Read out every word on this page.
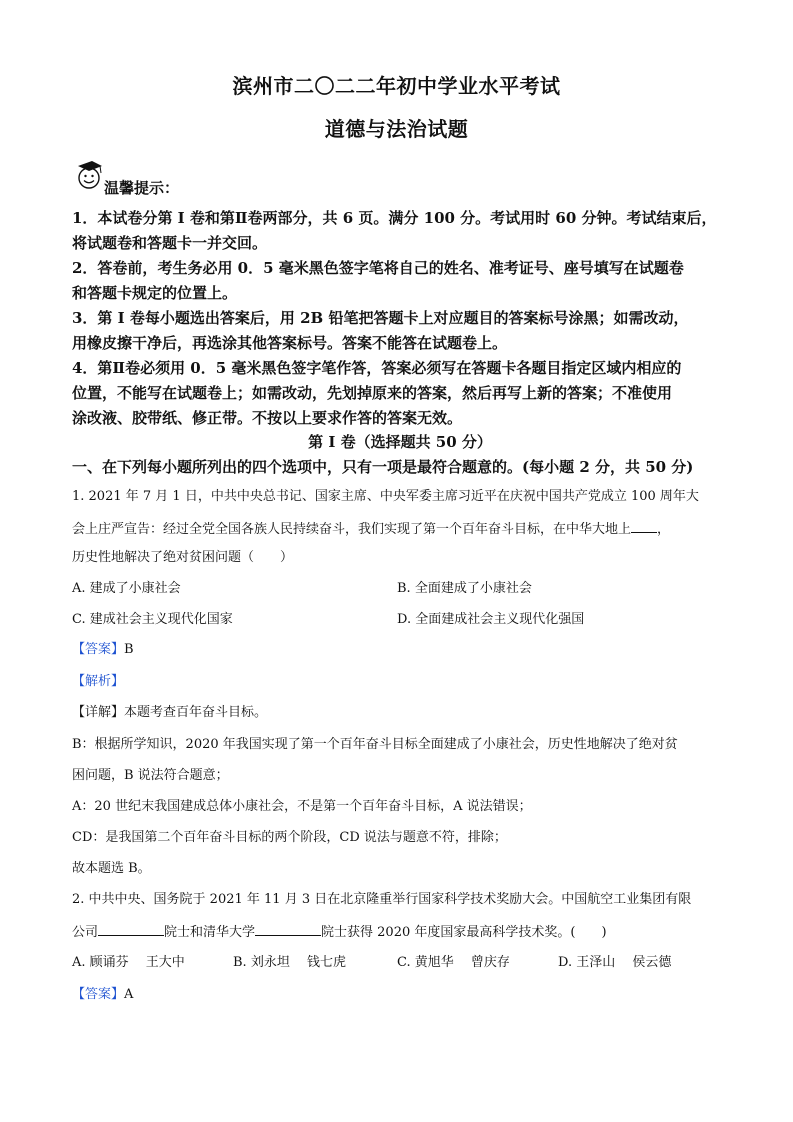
滨州市二〇二二年初中学业水平考试
道德与法治试题
温馨提示：
1．本试卷分第 I 卷和第Ⅱ卷两部分，共 6 页。满分 100 分。考试用时 60 分钟。考试结束后，
将试题卷和答题卡一并交回。
2．答卷前，考生务必用 0．5 毫米黑色签字笔将自己的姓名、准考证号、座号填写在试题卷
和答题卡规定的位置上。
3．第 I 卷每小题选出答案后，用 2B 铅笔把答题卡上对应题目的答案标号涂黑；如需改动，
用橡皮擦干净后，再选涂其他答案标号。答案不能答在试题卷上。
4．第Ⅱ卷必须用 0．5 毫米黑色签字笔作答，答案必须写在答题卡各题目指定区域内相应的
位置，不能写在试题卷上；如需改动，先划掉原来的答案，然后再写上新的答案；不准使用
涂改液、胶带纸、修正带。不按以上要求作答的答案无效。
第 I 卷（选择题共 50 分）
一、在下列每小题所列出的四个选项中，只有一项是最符合题意的。(每小题 2 分，共 50 分)
1. 2021 年 7 月 1 日，中共中央总书记、国家主席、中央军委主席习近平在庆祝中国共产党成立 100 周年大
会上庄严宣告：经过全党全国各族人民持续奋斗，我们实现了第一个百年奋斗目标，在中华大地上 ，
历史性地解决了绝对贫困问题（　　）
A. 建成了小康社会	B. 全面建成了小康社会
C. 建成社会主义现代化国家	D. 全面建成社会主义现代化强国
【答案】B
【解析】
【详解】本题考查百年奋斗目标。
B：根据所学知识，2020 年我国实现了第一个百年奋斗目标全面建成了小康社会，历史性地解决了绝对贫
困问题，B 说法符合题意；
A：20 世纪末我国建成总体小康社会，不是第一个百年奋斗目标，A 说法错误；
CD：是我国第二个百年奋斗目标的两个阶段，CD 说法与题意不符，排除；
故本题选 B。
2. 中共中央、国务院于 2021 年 11 月 3 日在北京隆重举行国家科学技术奖励大会。中国航空工业集团有限
公司	院士和清华大学	院士获得 2020 年度国家最高科学技术奖。(　　)
A. 顾诵芬　 王大中	B. 刘永坦　 钱七虎	C. 黄旭华　 曾庆存	D. 王泽山　 侯云德
【答案】A
